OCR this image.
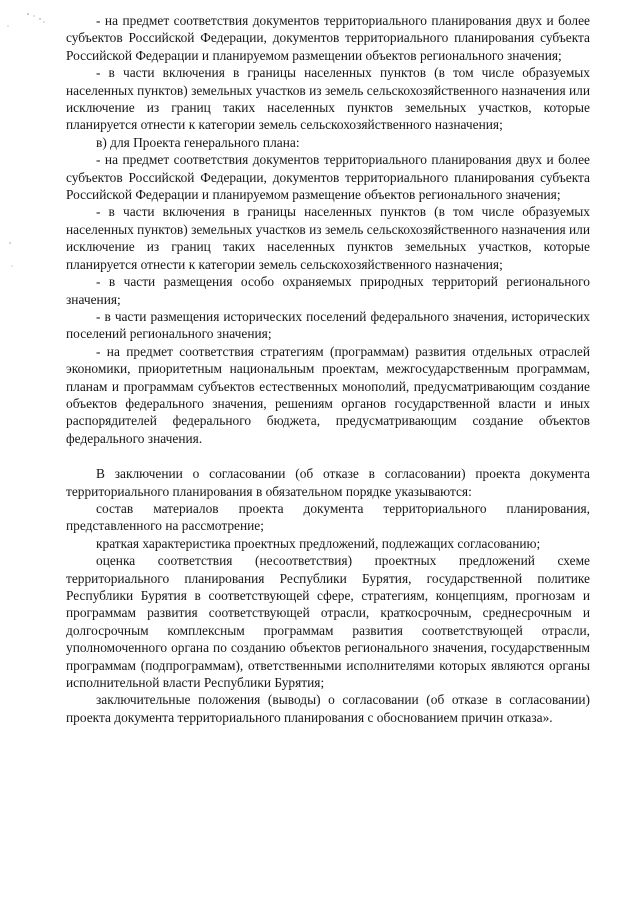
- на предмет соответствия документов территориального планирования двух и более субъектов Российской Федерации, документов территориального планирования субъекта Российской Федерации и планируемом размещении объектов регионального значения;

- в части включения в границы населенных пунктов (в том числе образуемых населенных пунктов) земельных участков из земель сельскохозяйственного назначения или исключение из границ таких населенных пунктов земельных участков, которые планируется отнести к категории земель сельскохозяйственного назначения;

в) для Проекта генерального плана:

- на предмет соответствия документов территориального планирования двух и более субъектов Российской Федерации, документов территориального планирования субъекта Российской Федерации и планируемом размещение объектов регионального значения;

- в части включения в границы населенных пунктов (в том числе образуемых населенных пунктов) земельных участков из земель сельскохозяйственного назначения или исключение из границ таких населенных пунктов земельных участков, которые планируется отнести к категории земель сельскохозяйственного назначения;

- в части размещения особо охраняемых природных территорий регионального значения;

- в части размещения исторических поселений федерального значения, исторических поселений регионального значения;

- на предмет соответствия стратегиям (программам) развития отдельных отраслей экономики, приоритетным национальным проектам, межгосударственным программам, планам и программам субъектов естественных монополий, предусматривающим создание объектов федерального значения, решениям органов государственной власти и иных распорядителей федерального бюджета, предусматривающим создание объектов федерального значения.

В заключении о согласовании (об отказе в согласовании) проекта документа территориального планирования в обязательном порядке указываются:

состав материалов проекта документа территориального планирования, представленного на рассмотрение;

краткая характеристика проектных предложений, подлежащих согласованию;

оценка соответствия (несоответствия) проектных предложений схеме территориального планирования Республики Бурятия, государственной политике Республики Бурятия в соответствующей сфере, стратегиям, концепциям, прогнозам и программам развития соответствующей отрасли, краткосрочным, среднесрочным и долгосрочным комплексным программам развития соответствующей отрасли, уполномоченного органа по созданию объектов регионального значения, государственным программам (подпрограммам), ответственными исполнителями которых являются органы исполнительной власти Республики Бурятия;

заключительные положения (выводы) о согласовании (об отказе в согласовании) проекта документа территориального планирования с обоснованием причин отказа».
